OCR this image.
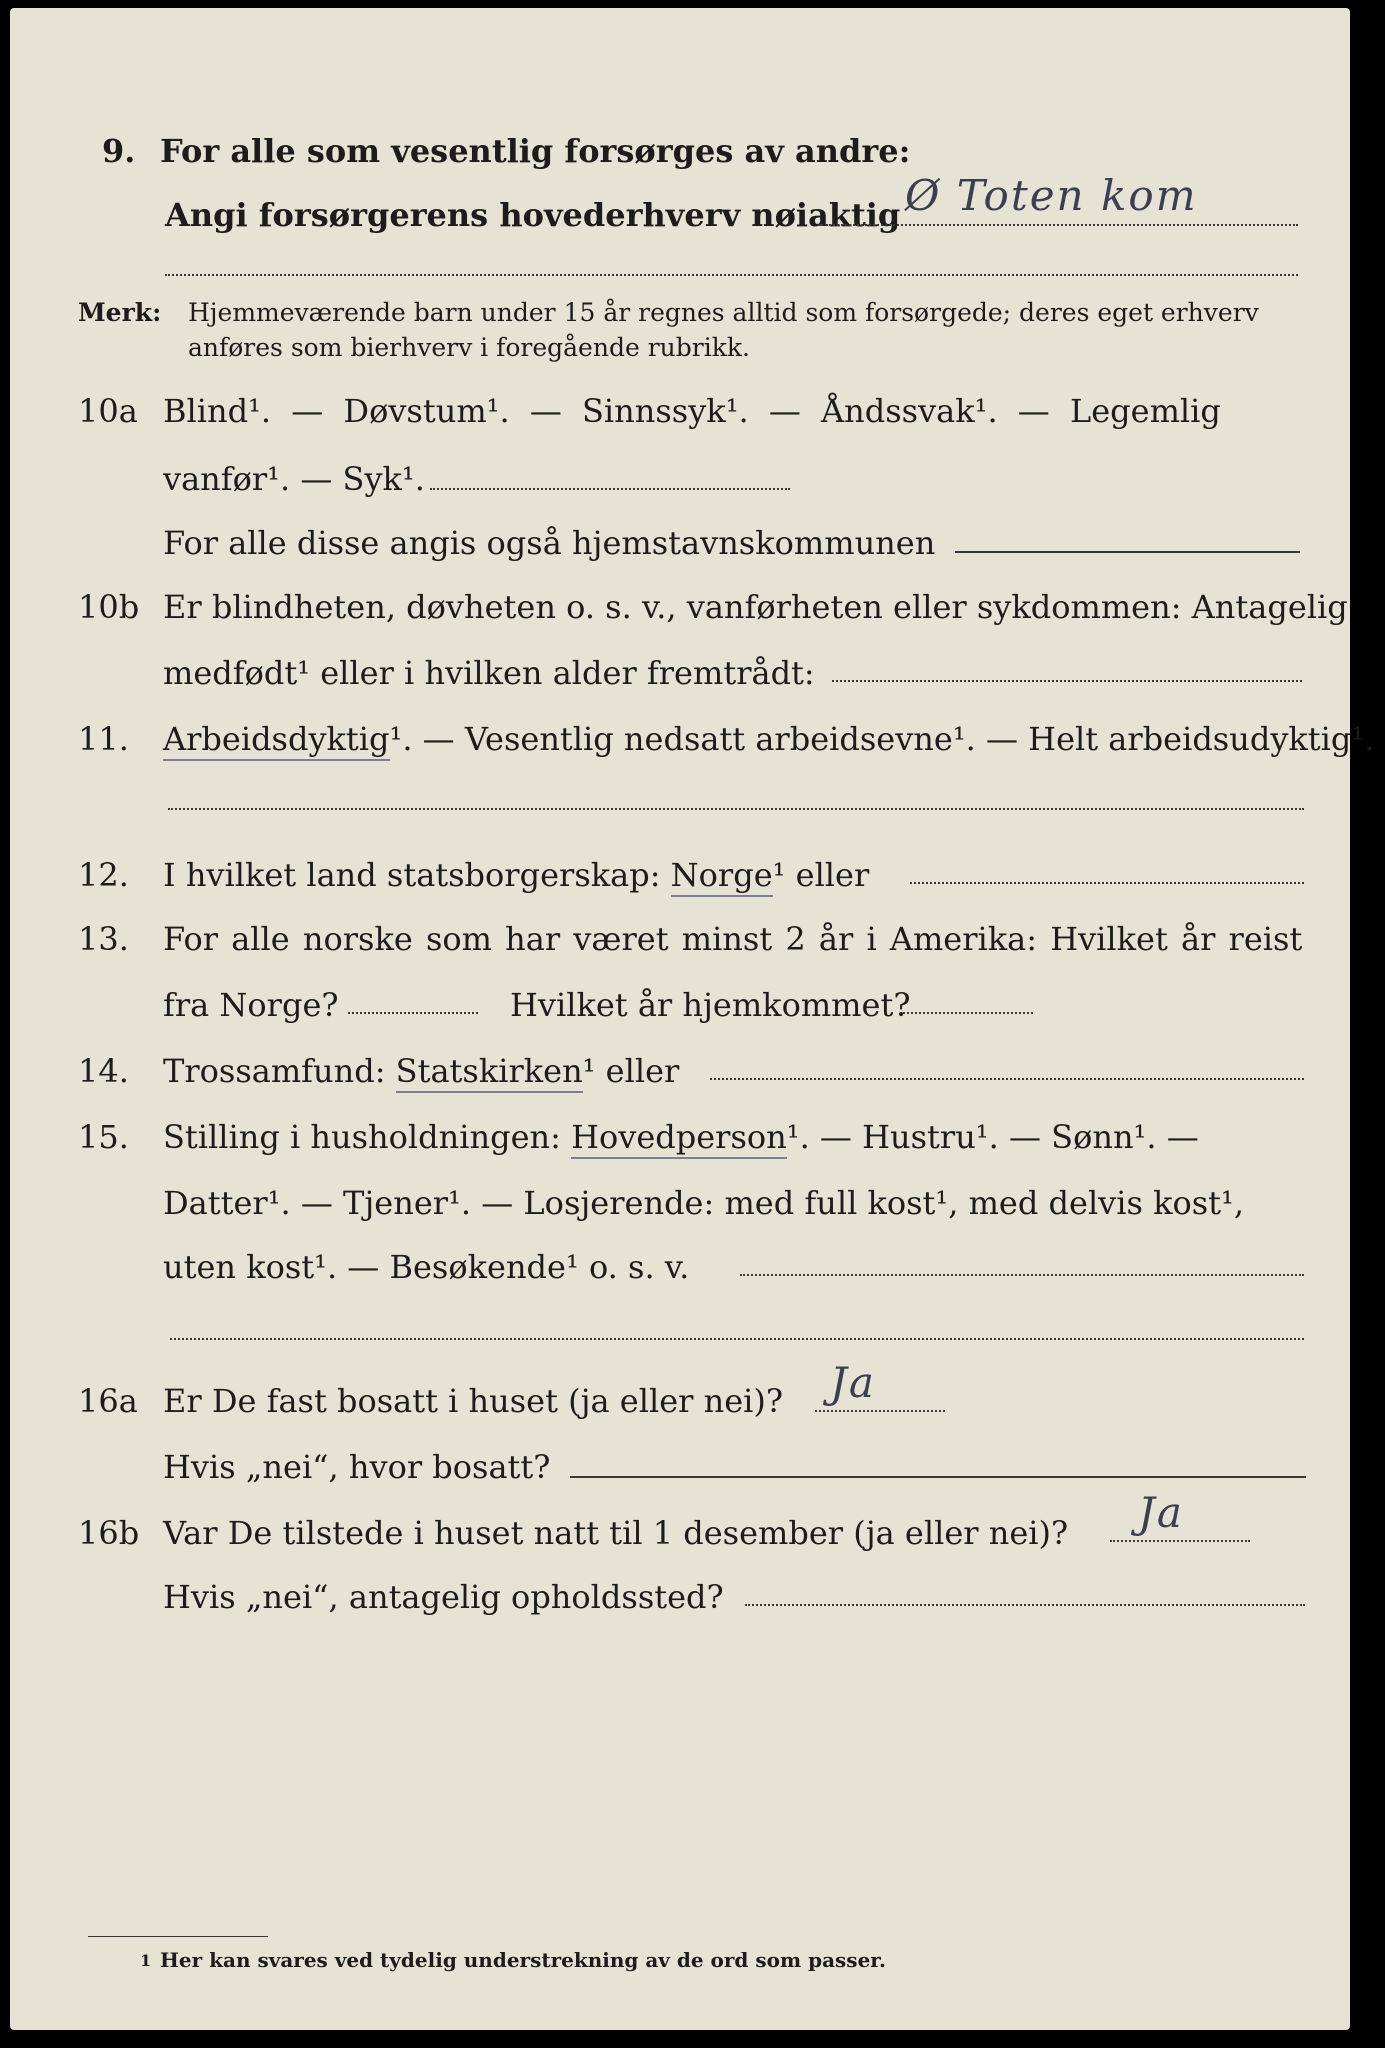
9. For alle som vesentlig forsørges av andre:
Angi forsørgerens hovederhverv nøiaktig Ø Toten kom
Merk: Hjemmeværende barn under 15 år regnes alltid som forsørgede; deres eget erhverv
anføres som bierhverv i foregående rubrikk.
10a Blind¹. — Døvstum¹. — Sinnssyk¹. — Åndssvak¹. — Legemlig
vanfør¹. — Syk¹.
For alle disse angis også hjemstavnskommunen
10b Er blindheten, døvheten o. s. v., vanførheten eller sykdommen: Antagelig
medfødt¹ eller i hvilken alder fremtrådt:
11.	Arbeidsdyktig¹. — Vesentlig nedsatt arbeidsevne¹. — Helt arbeidsudyktig¹.
12.	I hvilket land statsborgerskap: Norge¹ eller
13.	For alle norske som har været minst 2 år i Amerika: Hvilket år reist
fra Norge?	Hvilket år hjemkommet?
14.	Trossamfund: Statskirken¹ eller
15.	Stilling i husholdningen: Hovedperson¹. — Hustru¹. — Sønn¹. —
Datter¹. — Tjener¹. — Losjerende: med full kost¹, med delvis kost¹,
uten kost¹. — Besøkende¹ o. s. v.
16a Er De fast bosatt i huset (ja eller nei)? Ja
Hvis „nei“, hvor bosatt?
16b Var De tilstede i huset natt til 1 desember (ja eller nei)? Ja
Hvis „nei“, antagelig opholdssted?
1 Her kan svares ved tydelig understrekning av de ord som passer.
